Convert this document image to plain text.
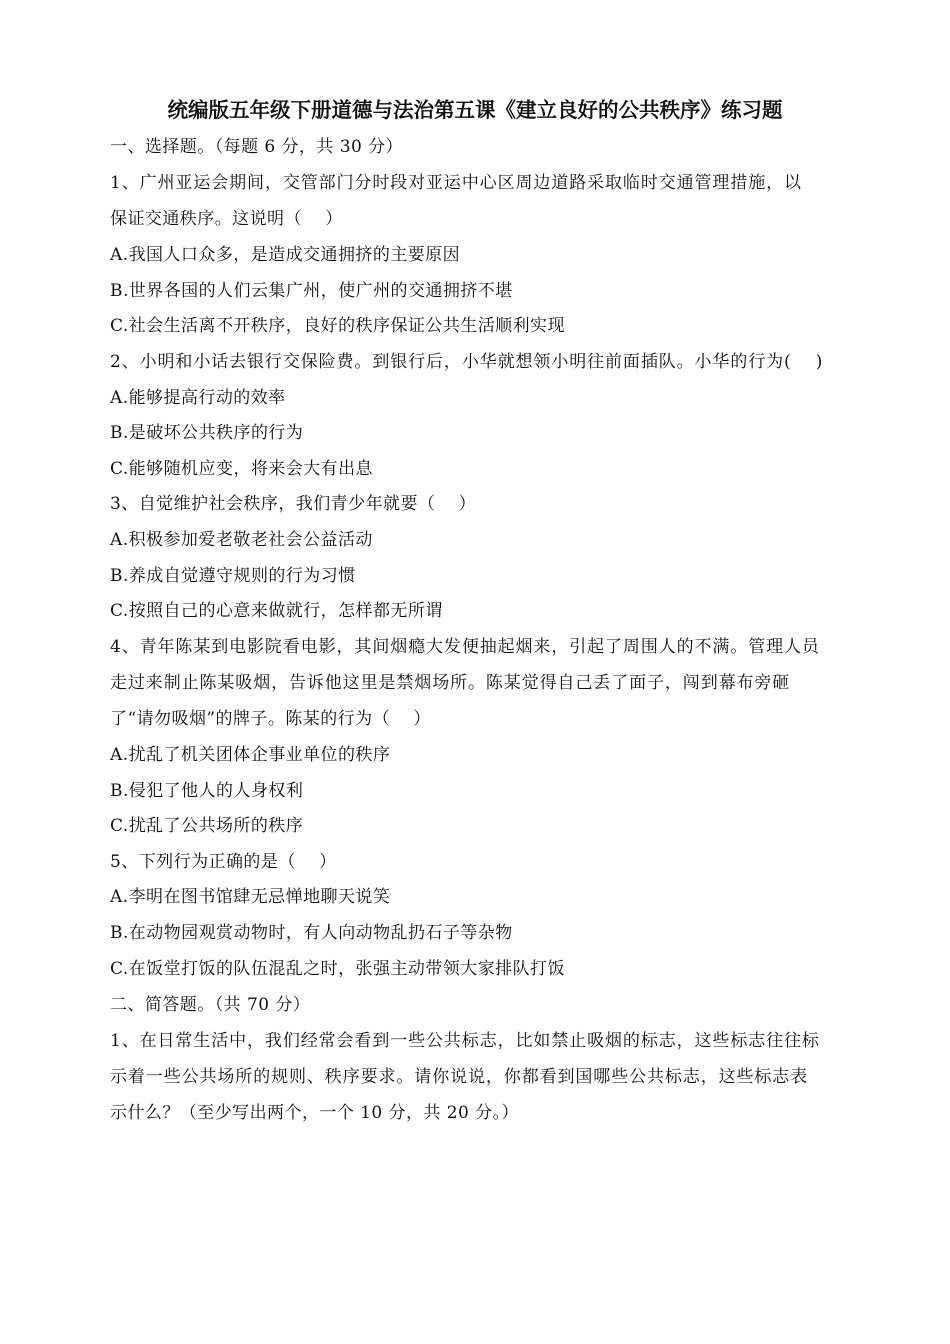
统编版五年级下册道德与法治第五课《建立良好的公共秩序》练习题
一、选择题。（每题 6 分，共 30 分）
1、广州亚运会期间，交管部门分时段对亚运中心区周边道路采取临时交通管理措施，以
保证交通秩序。这说明（　 ）
A.我国人口众多，是造成交通拥挤的主要原因
B.世界各国的人们云集广州，使广州的交通拥挤不堪
C.社会生活离不开秩序，良好的秩序保证公共生活顺利实现
2、小明和小话去银行交保险费。到银行后，小华就想领小明往前面插队。小华的行为(　 )
A.能够提高行动的效率
B.是破坏公共秩序的行为
C.能够随机应变，将来会大有出息
3、自觉维护社会秩序，我们青少年就要（　 ）
A.积极参加爱老敬老社会公益活动
B.养成自觉遵守规则的行为习惯
C.按照自己的心意来做就行，怎样都无所谓
4、青年陈某到电影院看电影，其间烟瘾大发便抽起烟来，引起了周围人的不满。管理人员
走过来制止陈某吸烟，告诉他这里是禁烟场所。陈某觉得自己丢了面子，闯到幕布旁砸
了“请勿吸烟”的牌子。陈某的行为（　 ）
A.扰乱了机关团体企事业单位的秩序
B.侵犯了他人的人身权利
C.扰乱了公共场所的秩序
5、下列行为正确的是（　 ）
A.李明在图书馆肆无忌惮地聊天说笑
B.在动物园观赏动物时，有人向动物乱扔石子等杂物
C.在饭堂打饭的队伍混乱之时，张强主动带领大家排队打饭
二、简答题。（共 70 分）
1、在日常生活中，我们经常会看到一些公共标志，比如禁止吸烟的标志，这些标志往往标
示着一些公共场所的规则、秩序要求。请你说说，你都看到国哪些公共标志，这些标志表
示什么？（至少写出两个，一个 10 分，共 20 分。）
